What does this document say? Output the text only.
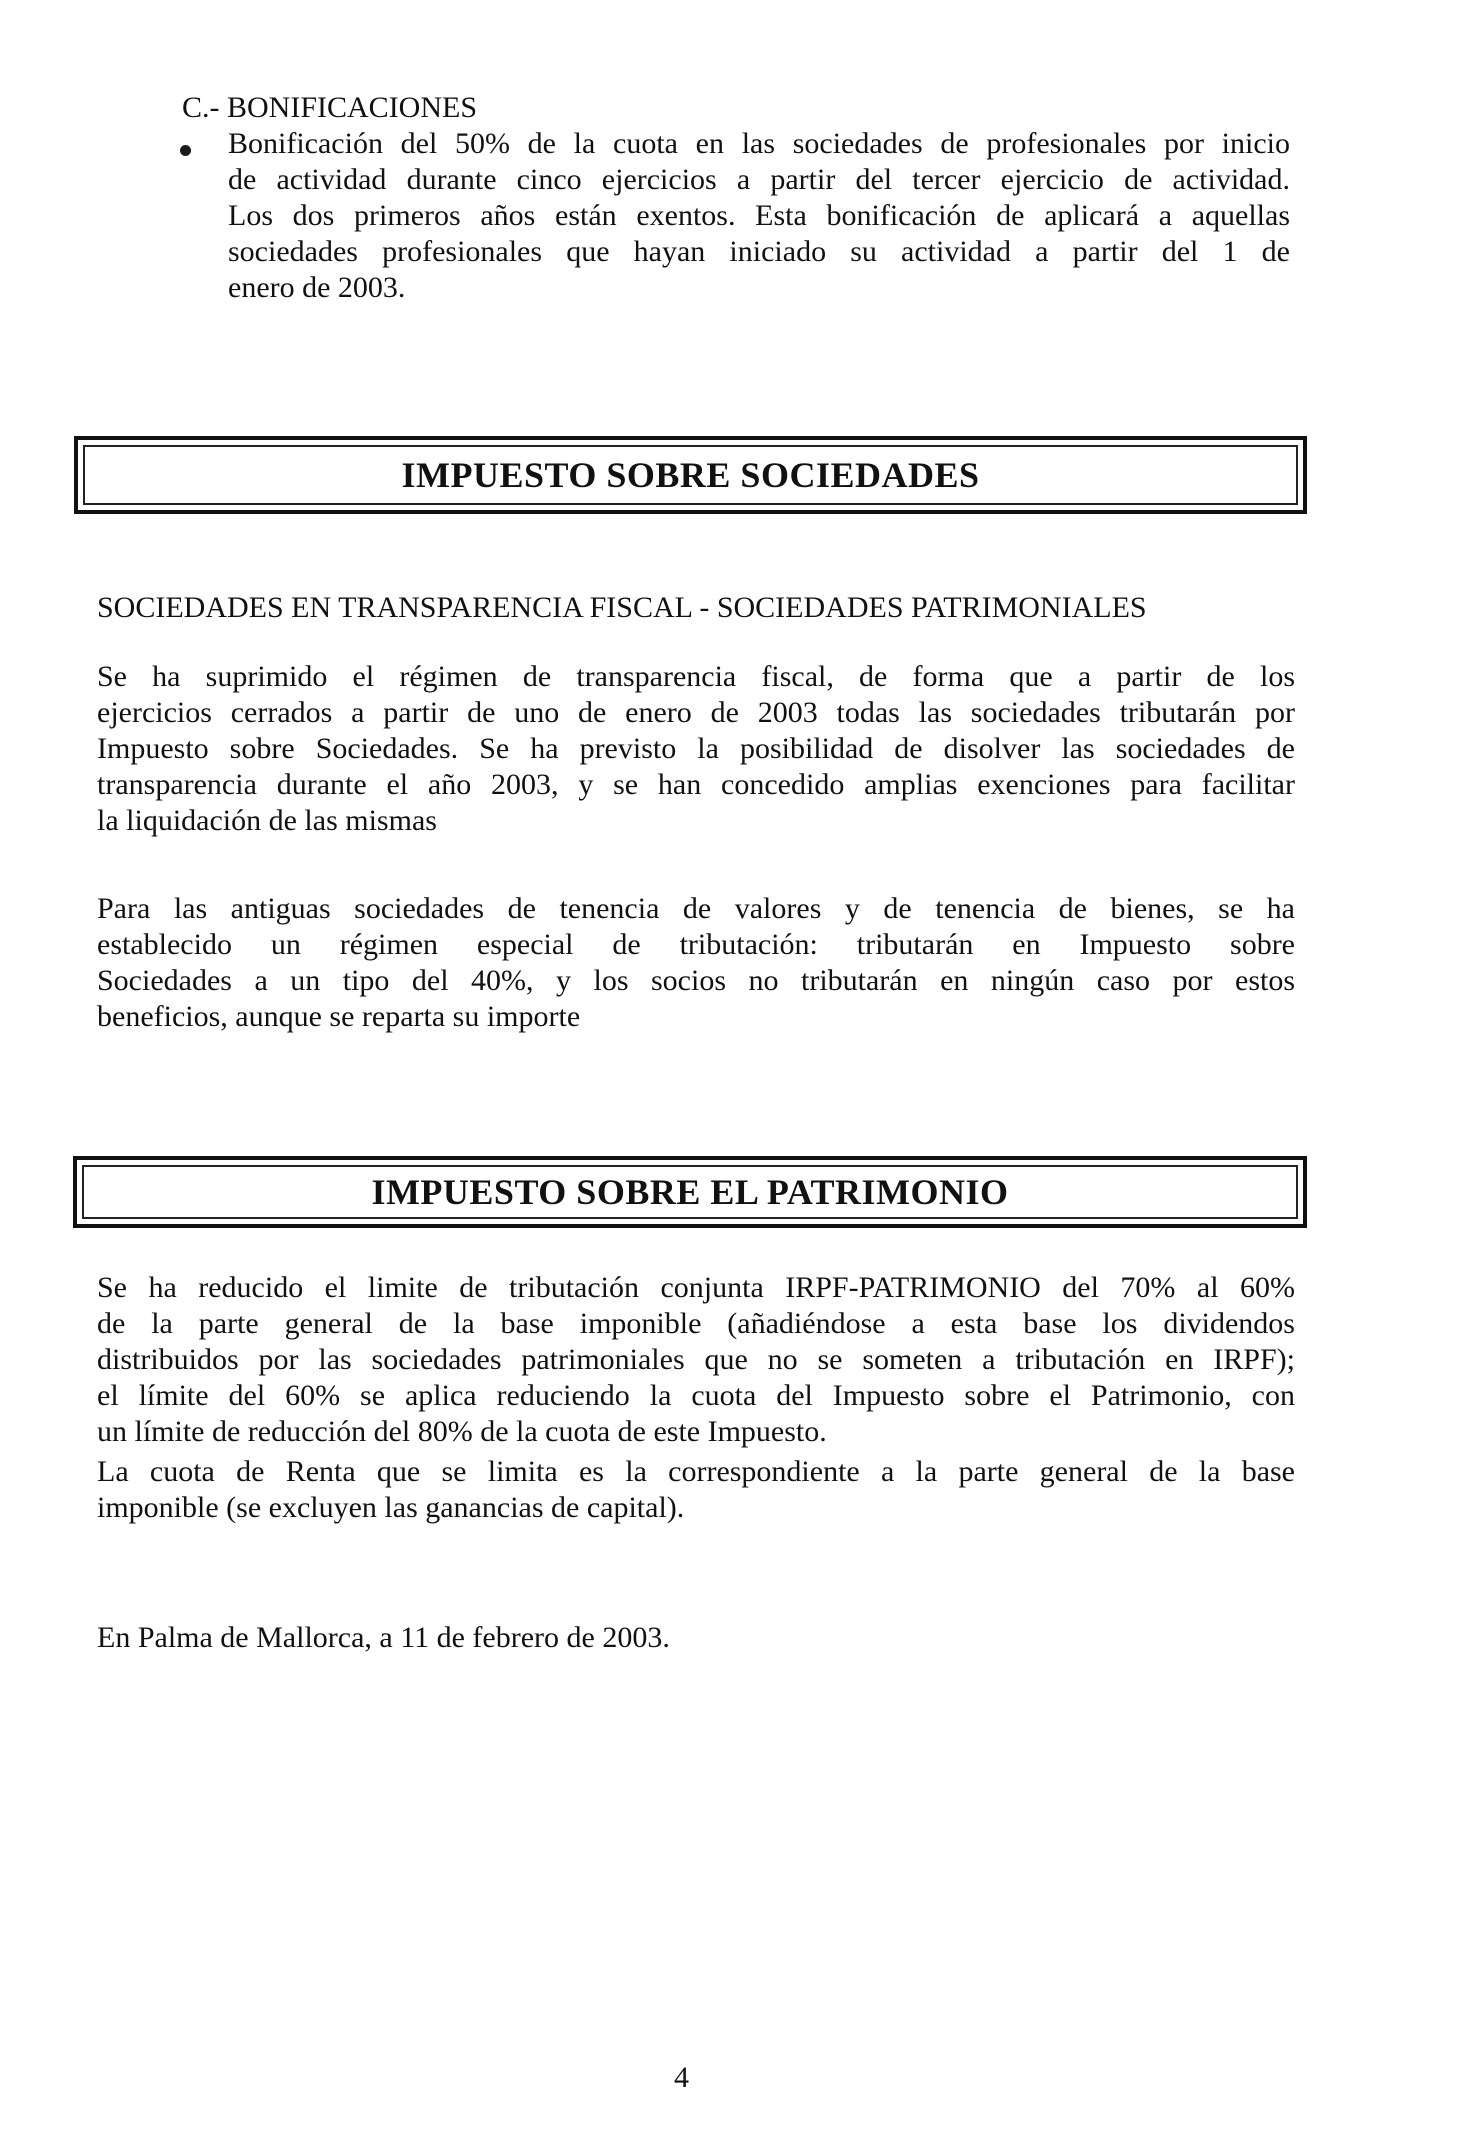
C.- BONIFICACIONES
Bonificación del 50% de la cuota en las sociedades de profesionales por inicio
de actividad durante cinco ejercicios a partir del tercer ejercicio de actividad.
Los dos primeros años están exentos. Esta bonificación de aplicará a aquellas
sociedades profesionales que hayan iniciado su actividad a partir del 1 de
enero de 2003.
IMPUESTO SOBRE SOCIEDADES
SOCIEDADES EN TRANSPARENCIA FISCAL - SOCIEDADES PATRIMONIALES
Se ha suprimido el régimen de transparencia fiscal, de forma que a partir de los
ejercicios cerrados a partir de uno de enero de 2003 todas las sociedades tributarán por
Impuesto sobre Sociedades. Se ha previsto la posibilidad de disolver las sociedades de
transparencia durante el año 2003, y se han concedido amplias exenciones para facilitar
la liquidación de las mismas
Para las antiguas sociedades de tenencia de valores y de tenencia de bienes, se ha
establecido un régimen especial de tributación: tributarán en Impuesto sobre
Sociedades a un tipo del 40%, y los socios no tributarán en ningún caso por estos
beneficios, aunque se reparta su importe
IMPUESTO SOBRE EL PATRIMONIO
Se ha reducido el limite de tributación conjunta IRPF-PATRIMONIO del 70% al 60%
de la parte general de la base imponible (añadiéndose a esta base los dividendos
distribuidos por las sociedades patrimoniales que no se someten a tributación en IRPF);
el límite del 60% se aplica reduciendo la cuota del Impuesto sobre el Patrimonio, con
un límite de reducción del 80% de la cuota de este Impuesto.
La cuota de Renta que se limita es la correspondiente a la parte general de la base
imponible (se excluyen las ganancias de capital).
En Palma de Mallorca, a 11 de febrero de 2003.
4
